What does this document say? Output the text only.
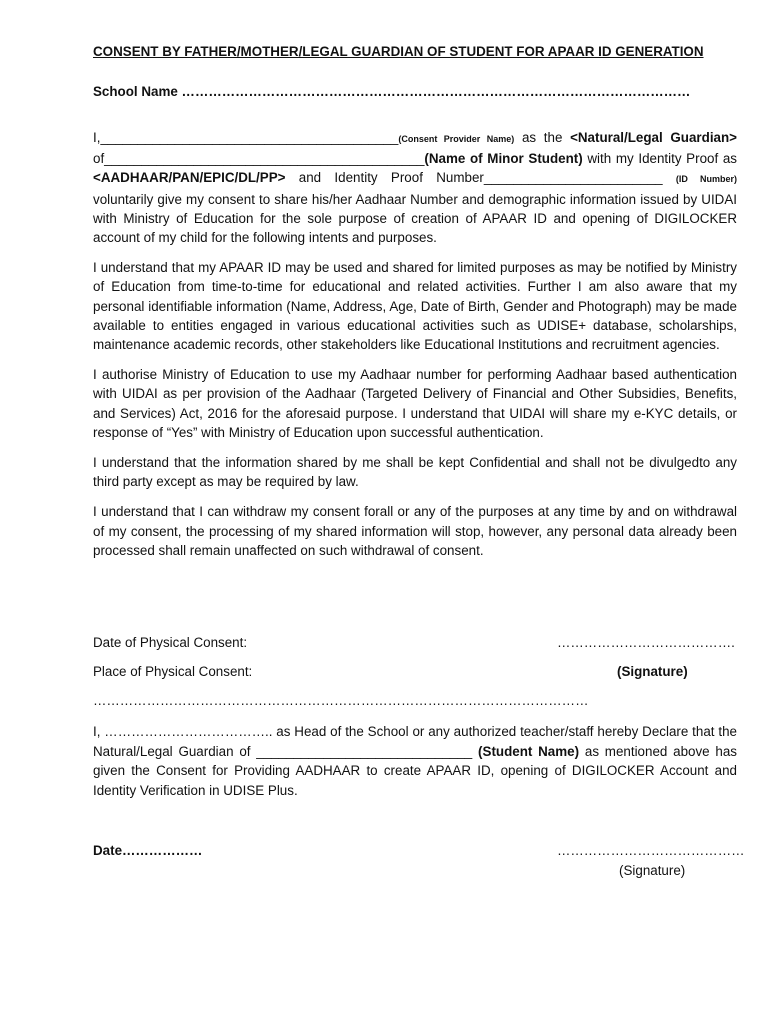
CONSENT BY FATHER/MOTHER/LEGAL GUARDIAN OF STUDENT FOR APAAR ID GENERATION
School Name ……………………………………………………………………………………………………

I,________________________________________(Consent Provider Name) as the <Natural/Legal Guardian> of___________________________________________(Name of Minor Student) with my Identity Proof as <AADHAAR/PAN/EPIC/DL/PP> and Identity Proof Number________________________ (ID Number) voluntarily give my consent to share his/her Aadhaar Number and demographic information issued by UIDAI with Ministry of Education for the sole purpose of creation of APAAR ID and opening of DIGILOCKER account of my child for the following intents and purposes.

I understand that my APAAR ID may be used and shared for limited purposes as may be notified by Ministry of Education from time-to-time for educational and related activities. Further I am also aware that my personal identifiable information (Name, Address, Age, Date of Birth, Gender and Photograph) may be made available to entities engaged in various educational activities such as UDISE+ database, scholarships, maintenance academic records, other stakeholders like Educational Institutions and recruitment agencies.

I authorise Ministry of Education to use my Aadhaar number for performing Aadhaar based authentication with UIDAI as per provision of the Aadhaar (Targeted Delivery of Financial and Other Subsidies, Benefits, and Services) Act, 2016 for the aforesaid purpose. I understand that UIDAI will share my e-KYC details, or response of “Yes” with Ministry of Education upon successful authentication.

I understand that the information shared by me shall be kept Confidential and shall not be divulgedto any third party except as may be required by law.

I understand that I can withdraw my consent forall or any of the purposes at any time by and on withdrawal of my consent, the processing of my shared information will stop, however, any personal data already been processed shall remain unaffected on such withdrawal of consent.

Date of Physical Consent:	………………………………….
Place of Physical Consent:	(Signature)
…………………………………………………………………………………………………

I, ……………………………….. as Head of the School or any authorized teacher/staff hereby Declare that the Natural/Legal Guardian of _____________________________ (Student Name) as mentioned above has given the Consent for Providing AADHAAR to create APAAR ID, opening of DIGILOCKER Account and Identity Verification in UDISE Plus.

Date………………	……………………………………
(Signature)
